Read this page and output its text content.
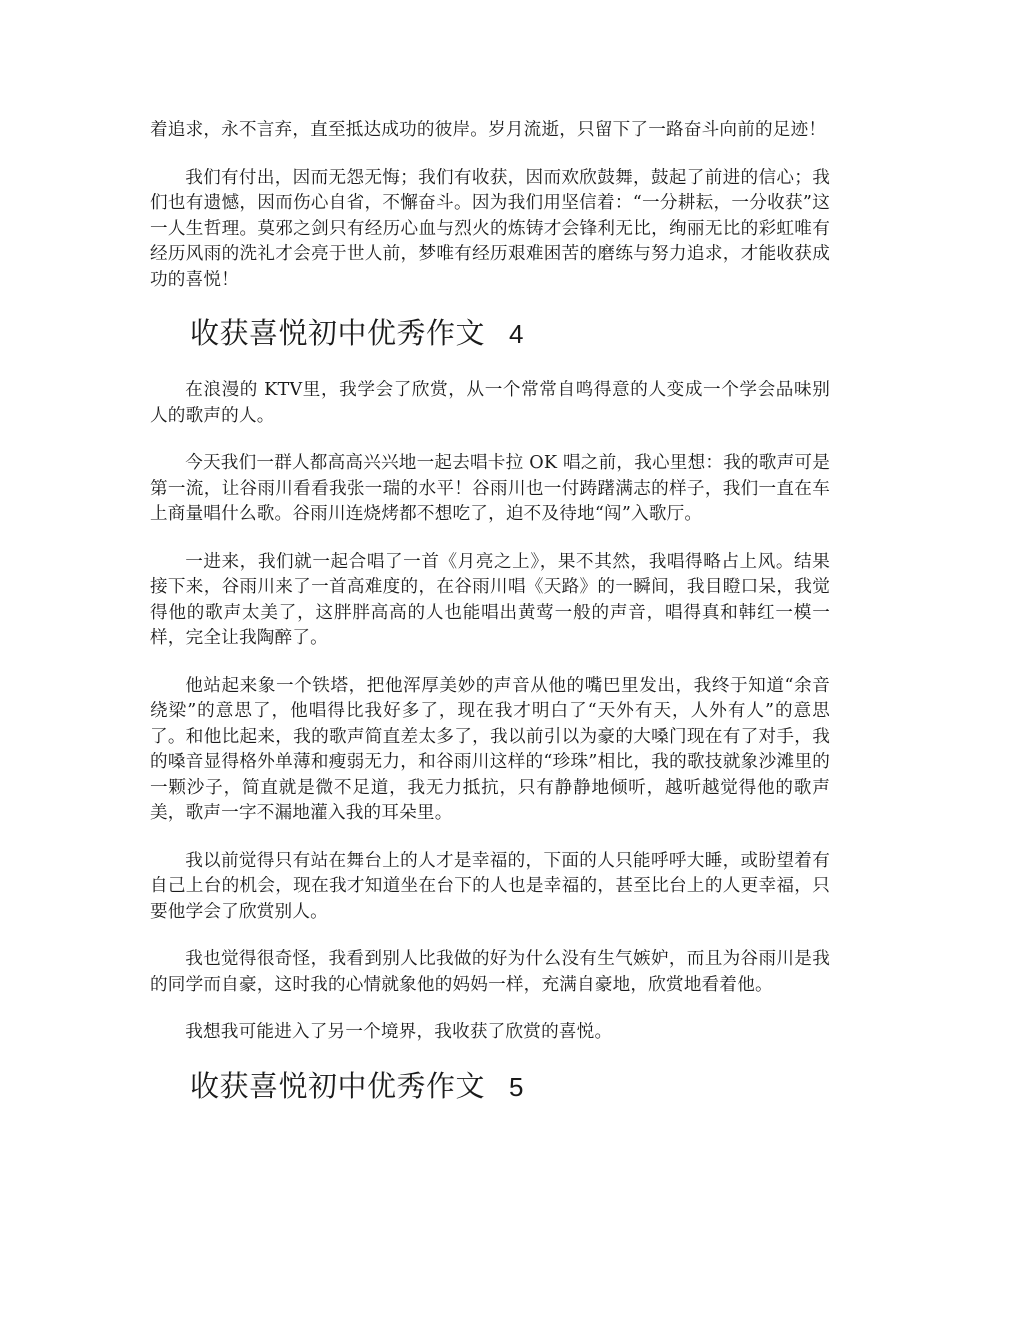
着追求，永不言弃，直至抵达成功的彼岸。岁月流逝，只留下了一路奋斗向前的足迹！

我们有付出，因而无怨无悔；我们有收获，因而欢欣鼓舞，鼓起了前进的信心；我们也有遗憾，因而伤心自省，不懈奋斗。因为我们用坚信着：“一分耕耘，一分收获”这一人生哲理。莫邪之剑只有经历心血与烈火的炼铸才会锋利无比，绚丽无比的彩虹唯有经历风雨的洗礼才会亮于世人前，梦唯有经历艰难困苦的磨练与努力追求，才能收获成功的喜悦！

收获喜悦初中优秀作文 4

在浪漫的 KTV里，我学会了欣赏，从一个常常自鸣得意的人变成一个学会品味别人的歌声的人。

今天我们一群人都高高兴兴地一起去唱卡拉 OK 唱之前，我心里想：我的歌声可是第一流，让谷雨川看看我张一瑞的水平！谷雨川也一付踌躇满志的样子，我们一直在车上商量唱什么歌。谷雨川连烧烤都不想吃了，迫不及待地“闯”入歌厅。

一进来，我们就一起合唱了一首《月亮之上》，果不其然，我唱得略占上风。结果接下来，谷雨川来了一首高难度的，在谷雨川唱《天路》的一瞬间，我目瞪口呆，我觉得他的歌声太美了，这胖胖高高的人也能唱出黄莺一般的声音，唱得真和韩红一模一样，完全让我陶醉了。

他站起来象一个铁塔，把他浑厚美妙的声音从他的嘴巴里发出，我终于知道“余音绕梁”的意思了，他唱得比我好多了，现在我才明白了“天外有天，人外有人”的意思了。和他比起来，我的歌声简直差太多了，我以前引以为豪的大嗓门现在有了对手，我的嗓音显得格外单薄和瘦弱无力，和谷雨川这样的“珍珠”相比，我的歌技就象沙滩里的一颗沙子，简直就是微不足道，我无力抵抗，只有静静地倾听，越听越觉得他的歌声美，歌声一字不漏地灌入我的耳朵里。

我以前觉得只有站在舞台上的人才是幸福的，下面的人只能呼呼大睡，或盼望着有自己上台的机会，现在我才知道坐在台下的人也是幸福的，甚至比台上的人更幸福，只要他学会了欣赏别人。

我也觉得很奇怪，我看到别人比我做的好为什么没有生气嫉妒，而且为谷雨川是我的同学而自豪，这时我的心情就象他的妈妈一样，充满自豪地，欣赏地看着他。

我想我可能进入了另一个境界，我收获了欣赏的喜悦。

收获喜悦初中优秀作文 5
